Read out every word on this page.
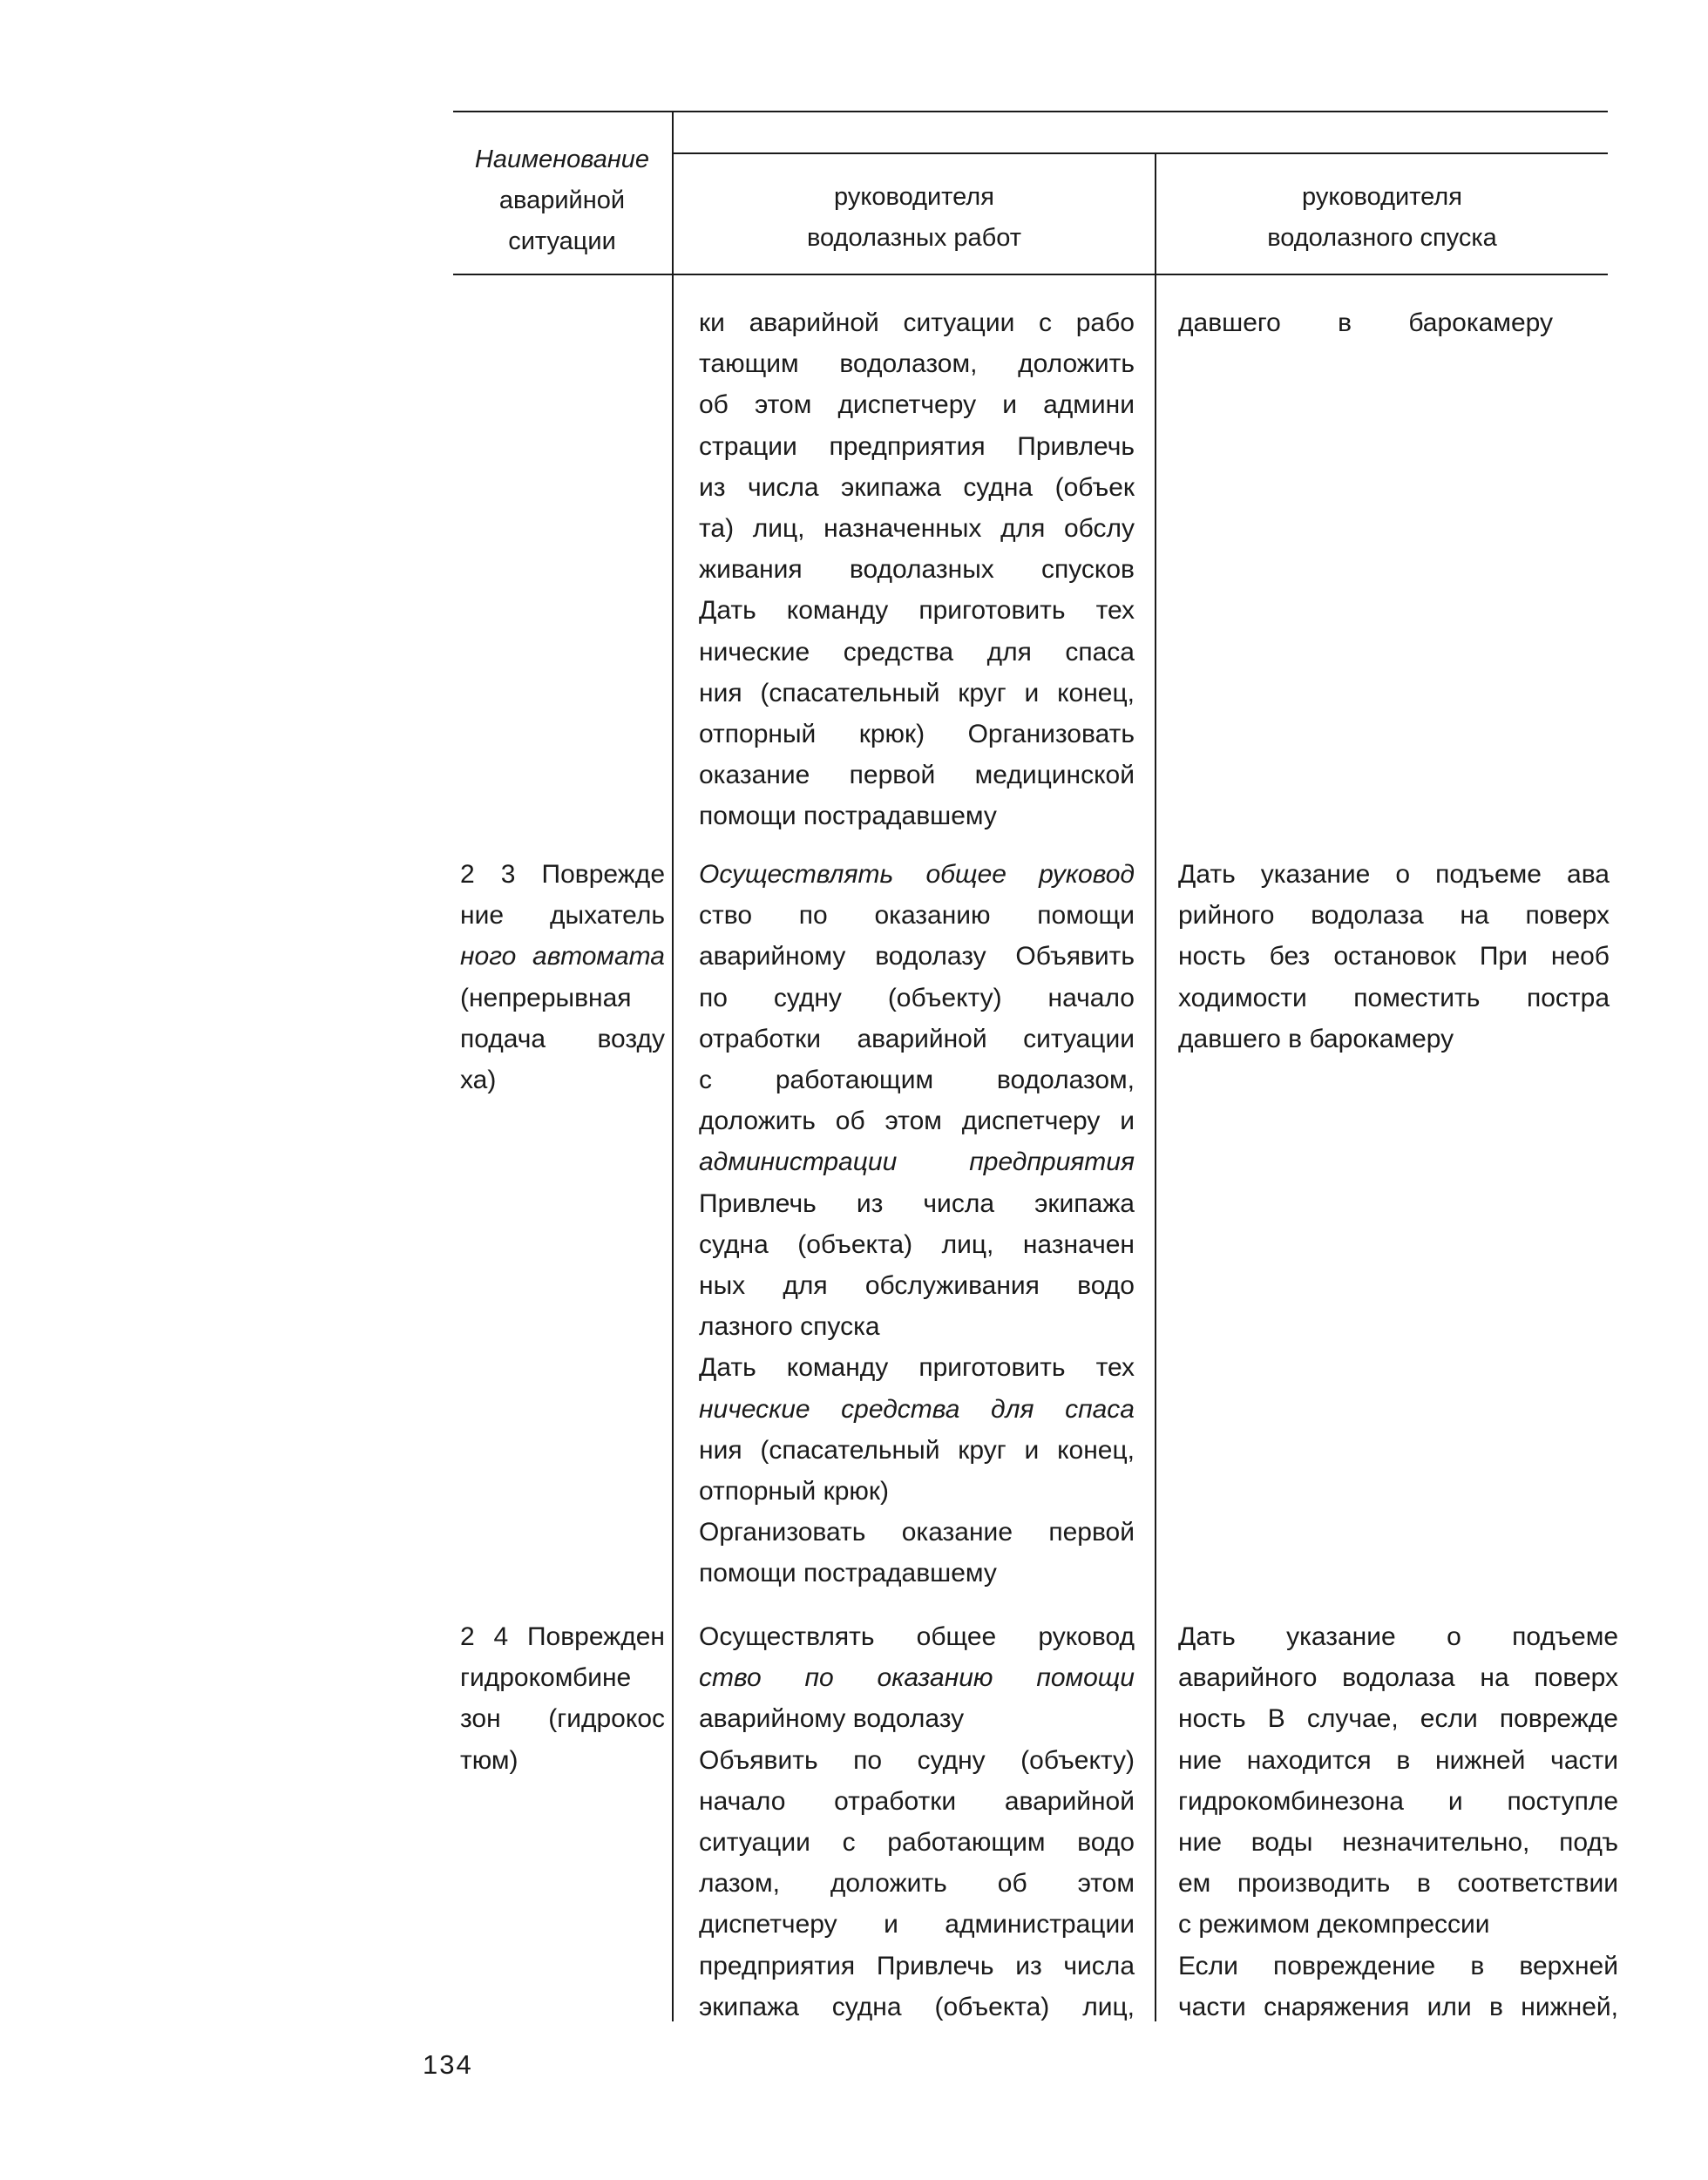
Наименование
аварийной
ситуации
руководителя
водолазных работ
руководителя
водолазного спуска
ки аварийной ситуации с рабо
тающим водолазом, доложить
об этом диспетчеру и админи
страции предприятия Привлечь
из числа экипажа судна (объек
та) лиц, назначенных для обслу
живания водолазных спусков
Дать команду приготовить тех
нические средства для спаса
ния (спасательный круг и конец,
отпорный крюк) Организовать
оказание первой медицинской
помощи пострадавшему
давшего в барокамеру
2 3 Поврежде
ние дыхатель
ного автомата
(непрерывная
подача возду
ха)
Осуществлять общее руковод
ство по оказанию помощи
аварийному водолазу Объявить
по судну (объекту) начало
отработки аварийной ситуации
с работающим водолазом,
доложить об этом диспетчеру и
администрации предприятия
Привлечь из числа экипажа
судна (объекта) лиц, назначен
ных для обслуживания водо
лазного спуска
Дать команду приготовить тех
нические средства для спаса
ния (спасательный круг и конец,
отпорный крюк)
Организовать оказание первой
помощи пострадавшему
Дать указание о подъеме ава
рийного водолаза на поверх
ность без остановок При необ
ходимости поместить постра
давшего в барокамеру
2 4 Поврежден
гидрокомбине
зон (гидрокос
тюм)
Осуществлять общее руковод
ство по оказанию помощи
аварийному водолазу
Объявить по судну (объекту)
начало отработки аварийной
ситуации с работающим водо
лазом, доложить об этом
диспетчеру и администрации
предприятия Привлечь из числа
экипажа судна (объекта) лиц,
Дать указание о подъеме
аварийного водолаза на поверх
ность В случае, если поврежде
ние находится в нижней части
гидрокомбинезона и поступле
ние воды незначительно, подъ
ем производить в соответствии
с режимом декомпрессии
Если повреждение в верхней
части снаряжения или в нижней,
134
